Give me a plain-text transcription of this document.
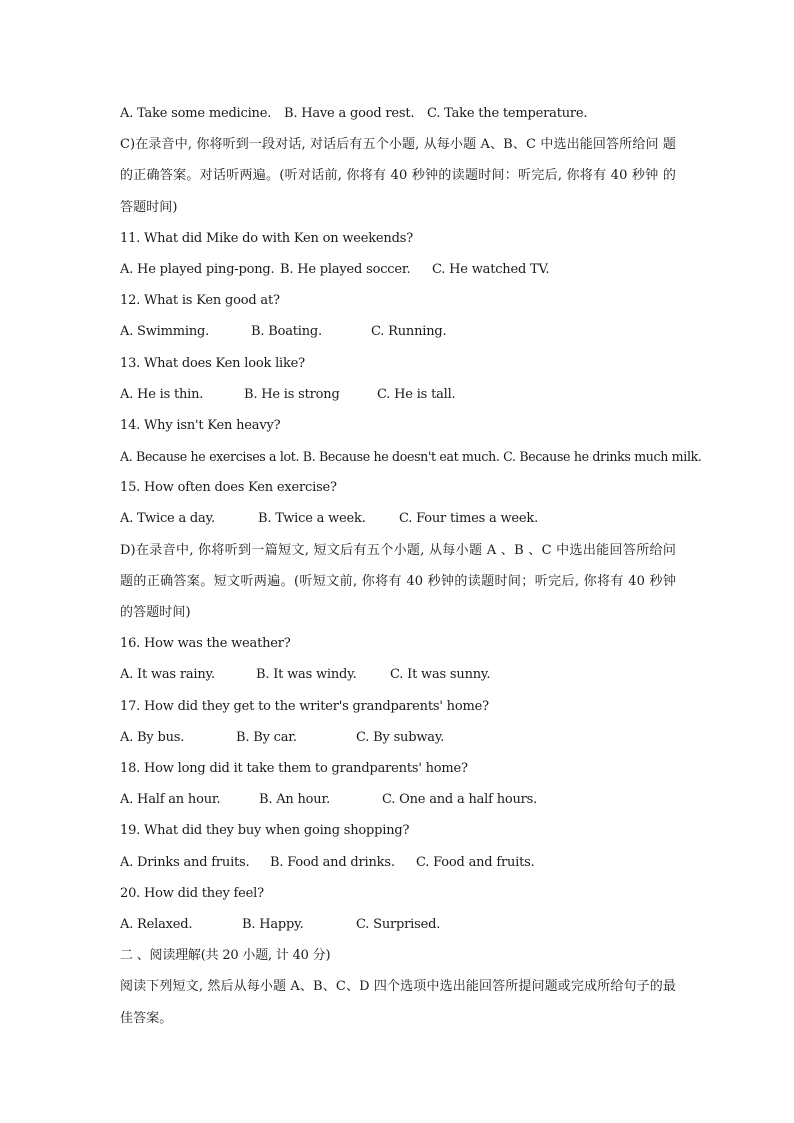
A. Take some medicine. B. Have a good rest. C. Take the temperature.
C)在录音中, 你将听到一段对话, 对话后有五个小题, 从每小题 A、B、C 中选出能回答所给问 题的正确答案。对话听两遍。(听对话前, 你将有 40 秒钟的读题时间：听完后, 你将有 40 秒钟 的答题时间)
11. What did Mike do with Ken on weekends?
A. He played ping-pong. B. He played soccer.	C. He watched TV.
12. What is Ken good at?
A. Swimming.	B. Boating.	C. Running.
13. What does Ken look like?
A. He is thin.	B. He is strong	C. He is tall.
14. Why isn't Ken heavy?
A. Because he exercises a lot. B. Because he doesn't eat much. C. Because he drinks much milk.
15. How often does Ken exercise?
A. Twice a day.	B. Twice a week.	C. Four times a week.
D)在录音中, 你将听到一篇短文, 短文后有五个小题, 从每小题 A 、B 、C 中选出能回答所给问 题的正确答案。短文听两遍。(听短文前, 你将有 40 秒钟的读题时间；听完后, 你将有 40 秒钟 的答题时间)
16. How was the weather?
A. It was rainy.	B. It was windy.	C. It was sunny.
17. How did they get to the writer's grandparents' home?
A. By bus.	B. By car.	C. By subway.
18. How long did it take them to grandparents' home?
A. Half an hour.	B. An hour.	C. One and a half hours.
19. What did they buy when going shopping?
A. Drinks and fruits.	B. Food and drinks.	C. Food and fruits.
20. How did they feel?
A. Relaxed.	B. Happy.	C. Surprised.
二 、阅读理解(共 20 小题, 计 40 分)
阅读下列短文, 然后从每小题 A、B、C、D 四个选项中选出能回答所提问题或完成所给句子的最佳答案。
